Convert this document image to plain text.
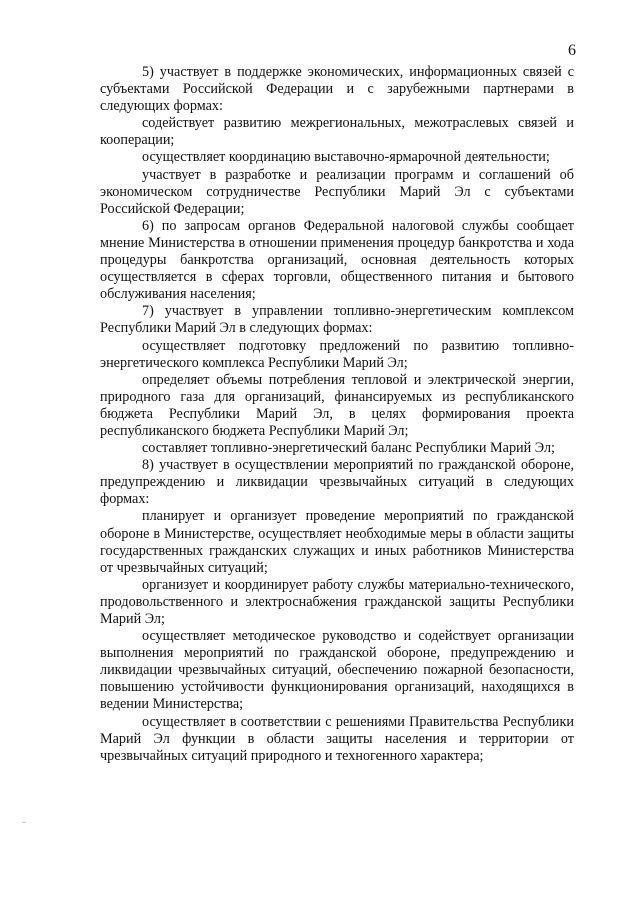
6

5) участвует в поддержке экономических, информационных связей с субъектами Российской Федерации и с зарубежными партнерами в следующих формах:

содействует развитию межрегиональных, межотраслевых связей и кооперации;

осуществляет координацию выставочно-ярмарочной деятельности;

участвует в разработке и реализации программ и соглашений об экономическом сотрудничестве Республики Марий Эл с субъектами Российской Федерации;

6) по запросам органов Федеральной налоговой службы сообщает мнение Министерства в отношении применения процедур банкротства и хода процедуры банкротства организаций, основная деятельность которых осуществляется в сферах торговли, общественного питания и бытового обслуживания населения;

7) участвует в управлении топливно-энергетическим комплексом Республики Марий Эл в следующих формах:

осуществляет подготовку предложений по развитию топливно-энергетического комплекса Республики Марий Эл;

определяет объемы потребления тепловой и электрической энергии, природного газа для организаций, финансируемых из республиканского бюджета Республики Марий Эл, в целях формирования проекта республиканского бюджета Республики Марий Эл;

составляет топливно-энергетический баланс Республики Марий Эл;

8) участвует в осуществлении мероприятий по гражданской обороне, предупреждению и ликвидации чрезвычайных ситуаций в следующих формах:

планирует и организует проведение мероприятий по гражданской обороне в Министерстве, осуществляет необходимые меры в области защиты государственных гражданских служащих и иных работников Министерства от чрезвычайных ситуаций;

организует и координирует работу службы материально-технического, продовольственного и электроснабжения гражданской защиты Республики Марий Эл;

осуществляет методическое руководство и содействует организации выполнения мероприятий по гражданской обороне, предупреждению и ликвидации чрезвычайных ситуаций, обеспечению пожарной безопасности, повышению устойчивости функционирования организаций, находящихся в ведении Министерства;

осуществляет в соответствии с решениями Правительства Республики Марий Эл функции в области защиты населения и территории от чрезвычайных ситуаций природного и техногенного характера;
